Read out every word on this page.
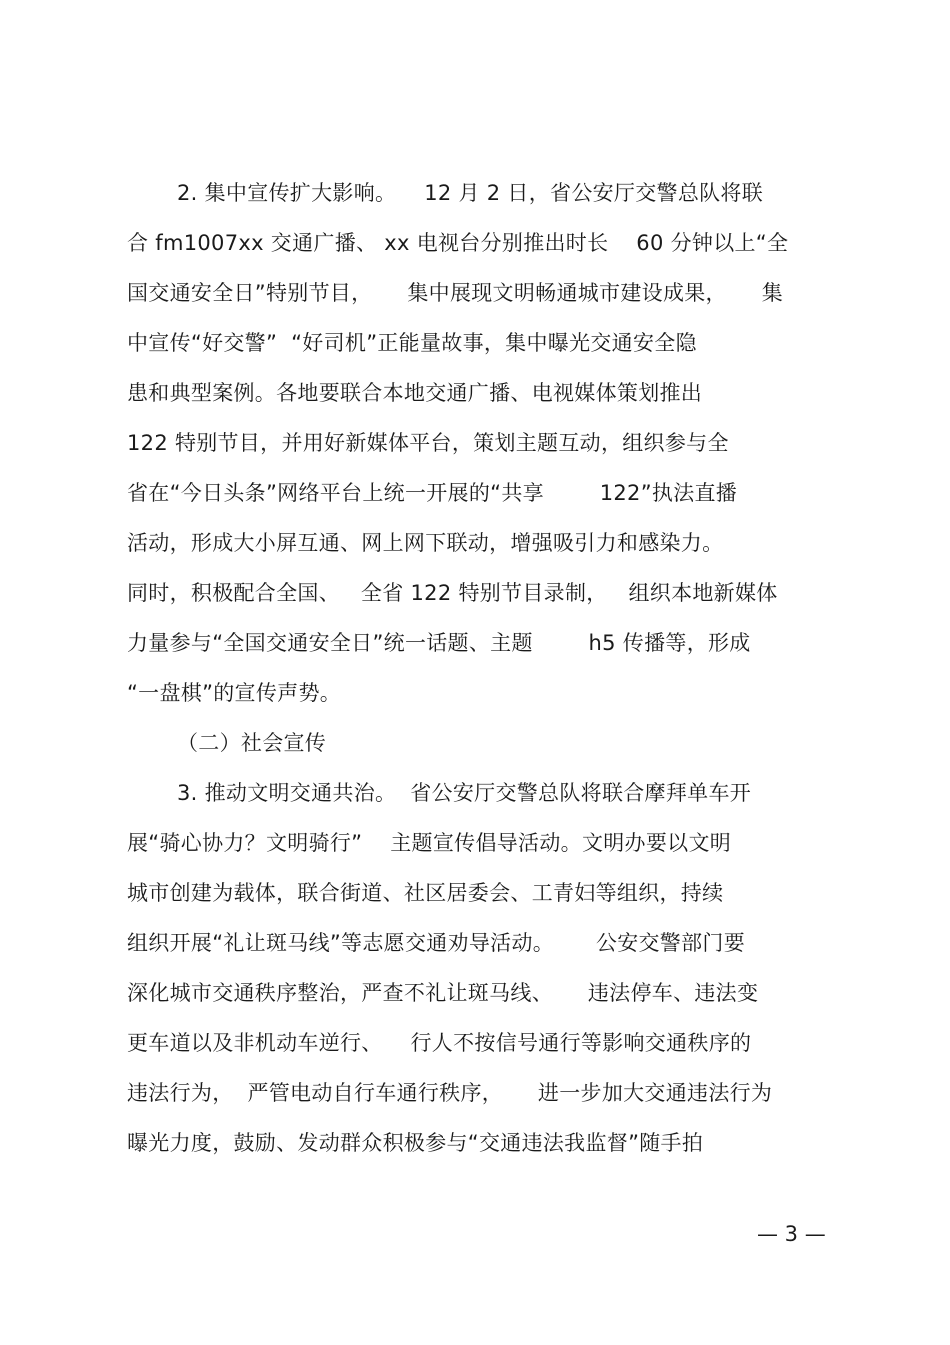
2. 集中宣传扩大影响。    12 月 2 日，省公安厅交警总队将联
合 fm1007xx 交通广播、 xx 电视台分别推出时长    60 分钟以上“全
国交通安全日”特别节目，     集中展现文明畅通城市建设成果，     集
中宣传“好交警”  “好司机”正能量故事，集中曝光交通安全隐
患和典型案例。各地要联合本地交通广播、电视媒体策划推出
122 特别节目，并用好新媒体平台，策划主题互动，组织参与全
省在“今日头条”网络平台上统一开展的“共享        122”执法直播
活动，形成大小屏互通、网上网下联动，增强吸引力和感染力。
同时，积极配合全国、   全省 122 特别节目录制，   组织本地新媒体
力量参与“全国交通安全日”统一话题、主题        h5 传播等，形成
“一盘棋”的宣传声势。
（二）社会宣传
3. 推动文明交通共治。  省公安厅交警总队将联合摩拜单车开
展“骑心协力？文明骑行”    主题宣传倡导活动。文明办要以文明
城市创建为载体，联合街道、社区居委会、工青妇等组织，持续
组织开展“礼让斑马线”等志愿交通劝导活动。      公安交警部门要
深化城市交通秩序整治，严查不礼让斑马线、     违法停车、违法变
更车道以及非机动车逆行、    行人不按信号通行等影响交通秩序的
违法行为，  严管电动自行车通行秩序，     进一步加大交通违法行为
曝光力度，鼓励、发动群众积极参与“交通违法我监督”随手拍
— 3 —
